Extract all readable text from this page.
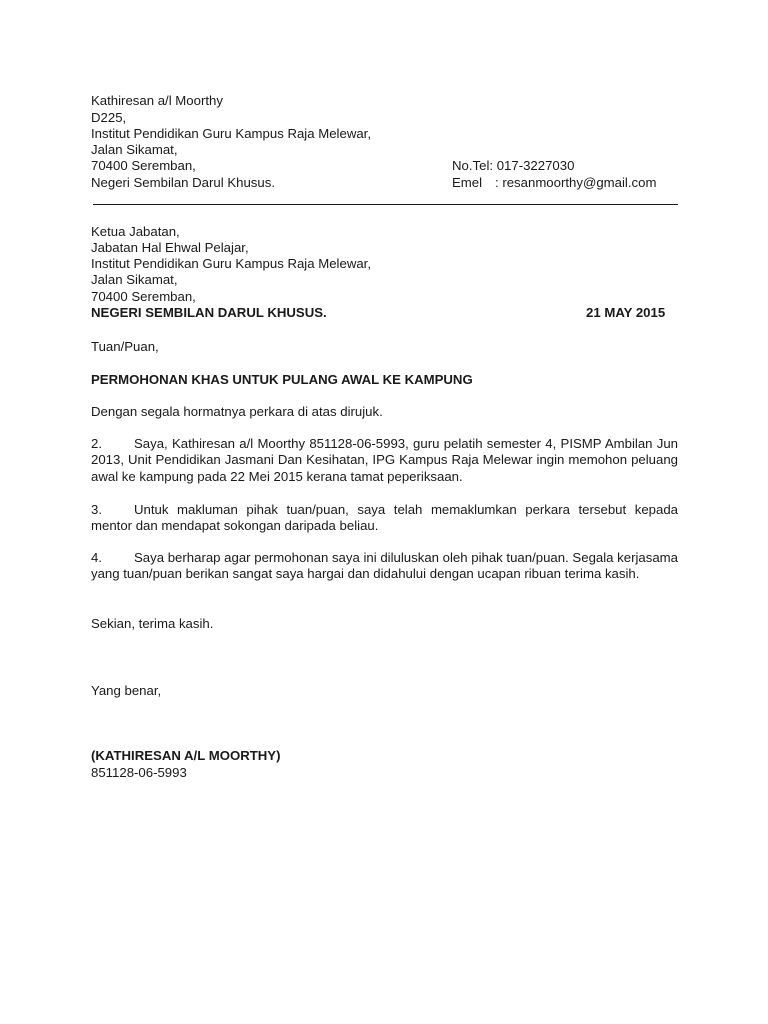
Kathiresan a/l Moorthy
D225,
Institut Pendidikan Guru Kampus Raja Melewar,
Jalan Sikamat,
70400 Seremban,
Negeri Sembilan Darul Khusus.
No.Tel: 017-3227030
Emel : resanmoorthy@gmail.com
Ketua Jabatan,
Jabatan Hal Ehwal Pelajar,
Institut Pendidikan Guru Kampus Raja Melewar,
Jalan Sikamat,
70400 Seremban,
NEGERI SEMBILAN DARUL KHUSUS.	21 MAY 2015
Tuan/Puan,
PERMOHONAN KHAS UNTUK PULANG AWAL KE KAMPUNG
Dengan segala hormatnya perkara di atas dirujuk.
2. Saya, Kathiresan a/l Moorthy 851128-06-5993, guru pelatih semester 4, PISMP Ambilan Jun 2013, Unit Pendidikan Jasmani Dan Kesihatan, IPG Kampus Raja Melewar ingin memohon peluang awal ke kampung pada 22 Mei 2015 kerana tamat peperiksaan.
3. Untuk makluman pihak tuan/puan, saya telah memaklumkan perkara tersebut kepada mentor dan mendapat sokongan daripada beliau.
4. Saya berharap agar permohonan saya ini diluluskan oleh pihak tuan/puan. Segala kerjasama yang tuan/puan berikan sangat saya hargai dan didahului dengan ucapan ribuan terima kasih.
Sekian, terima kasih.
Yang benar,
(KATHIRESAN A/L MOORTHY)
851128-06-5993
